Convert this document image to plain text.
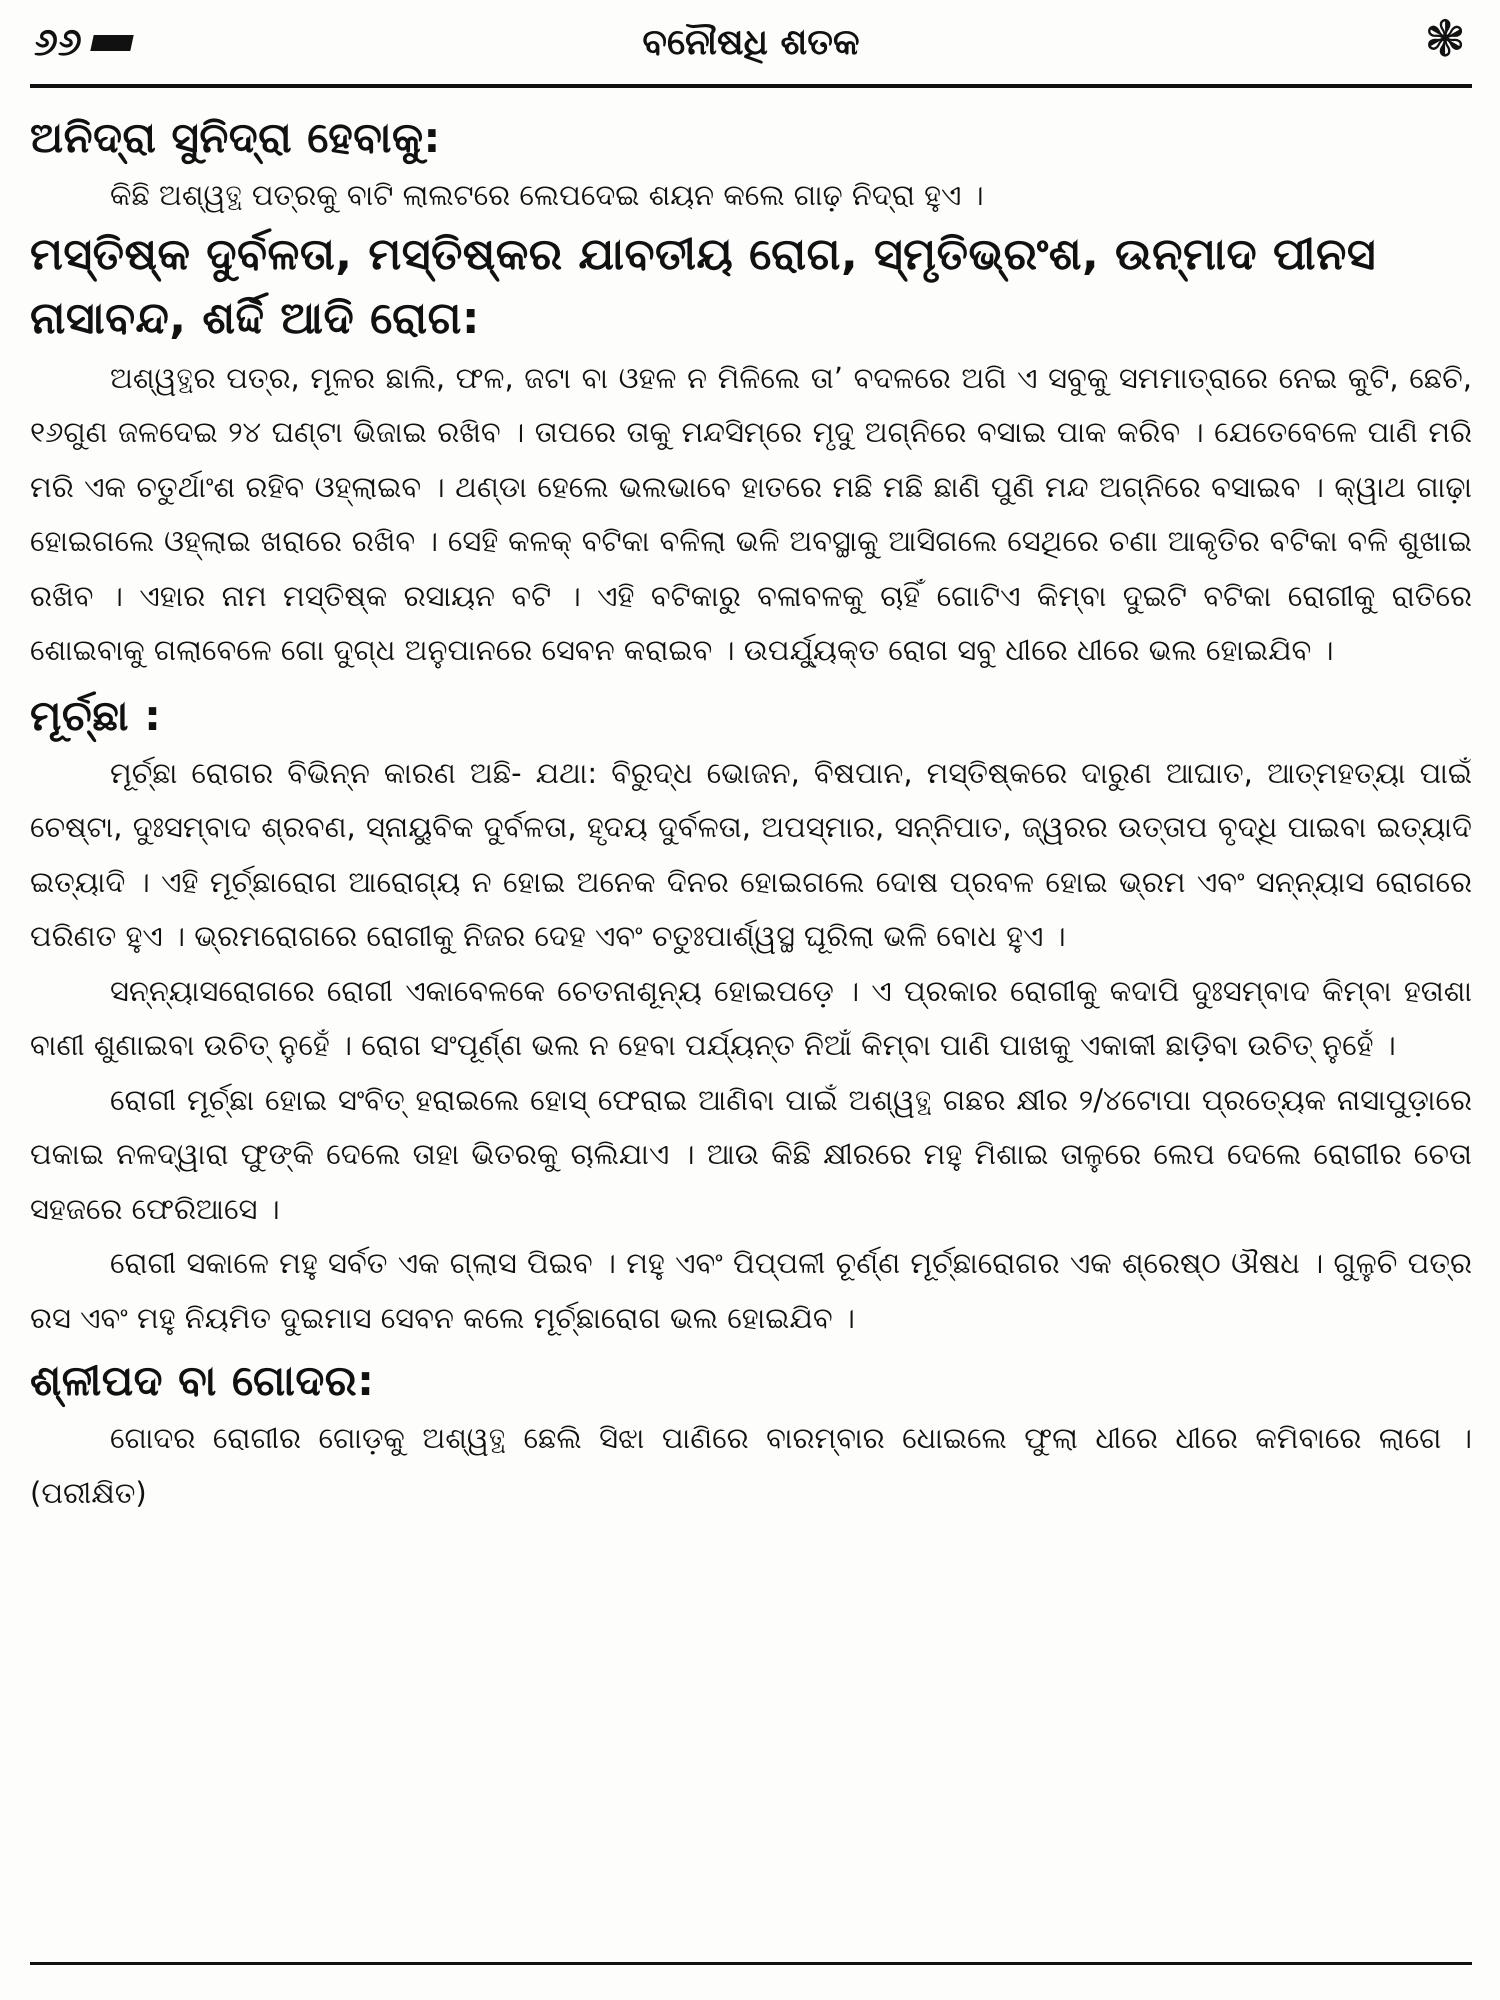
୬୬	ବନୌଷଧି ଶତକ	❃
ଅନିଦ୍ରା ସୁନିଦ୍ରା ହେବାକୁ:

କିଛି ଅଶ୍ୱତ୍ଥ ପତ୍ରକୁ ବାଟି ଲାଲଟରେ ଲେପଦେଇ ଶୟନ କଲେ ଗାଢ଼ ନିଦ୍ରା ହୁଏ ।

ମସ୍ତିଷ୍କ ଦୁର୍ବଳତା, ମସ୍ତିଷ୍କର ଯାବତୀୟ ରୋଗ, ସ୍ମୃତିଭ୍ରଂଶ, ଉନ୍ମାଦ ପୀନସ ନାସାବନ୍ଦ, ଶର୍ଦ୍ଦି ଆଦି ରୋଗ:

ଅଶ୍ୱତ୍ଥର ପତ୍ର, ମୂଳର ଛାଲି, ଫଳ, ଜଟା ବା ଓହଳ ନ ମିଳିଲେ ତା’ ବଦଳରେ ଅଗି ଏ ସବୁକୁ ସମମାତ୍ରାରେ ନେଇ କୁଟି, ଛେଚି, ୧୬ଗୁଣ ଜଳଦେଇ ୨୪ ଘଣ୍ଟା ଭିଜାଇ ରଖିବ । ତାପରେ ତାକୁ ମନ୍ଦସିମ୍‌ରେ ମୃଦୁ ଅଗ୍ନିରେ ବସାଇ ପାକ କରିବ । ଯେତେବେଳେ ପାଣି ମରି ମରି ଏକ ଚତୁର୍ଥାଂଶ ରହିବ ଓହ୍ଲାଇବ । ଥଣ୍ଡା ହେଲେ ଭଲଭାବେ ହାତରେ ମଛି ମଛି ଛାଣି ପୁଣି ମନ୍ଦ ଅଗ୍ନିରେ ବସାଇବ । କ୍ୱାଥ ଗାଢ଼ା ହୋଇଗଲେ ଓହ୍ଲାଇ ଖରାରେ ରଖିବ । ସେହି କଳକ୍ ବଟିକା ବଳିଲା ଭଳି ଅବସ୍ଥାକୁ ଆସିଗଲେ ସେଥିରେ ଚଣା ଆକୃତିର ବଟିକା ବଳି ଶୁଖାଇ ରଖିବ । ଏହାର ନାମ ମସ୍ତିଷ୍କ ରସାୟନ ବଟି । ଏହି ବଟିକାରୁ ବଳାବଳକୁ ଚାହିଁ ଗୋଟିଏ କିମ୍ବା ଦୁଇଟି ବଟିକା ରୋଗୀକୁ ରାତିରେ ଶୋଇବାକୁ ଗଲାବେଳେ ଗୋ ଦୁଗ୍ଧ ଅନୁପାନରେ ସେବନ କରାଇବ । ଉପର୍ଯ୍ୟୁକ୍ତ ରୋଗ ସବୁ ଧୀରେ ଧୀରେ ଭଲ ହୋଇଯିବ ।

ମୂର୍ଚ୍ଛା :

ମୂର୍ଚ୍ଛା ରୋଗର ବିଭିନ୍ନ କାରଣ ଅଛି- ଯଥା: ବିରୁଦ୍ଧ ଭୋଜନ, ବିଷପାନ, ମସ୍ତିଷ୍କରେ ଦାରୁଣ ଆଘାତ, ଆତ୍ମହତ୍ୟା ପାଇଁ ଚେଷ୍ଟା, ଦୁଃସମ୍ବାଦ ଶ୍ରବଣ, ସ୍ନାୟୁବିକ ଦୁର୍ବଳତା, ହୃଦୟ ଦୁର୍ବଳତା, ଅପସ୍ମାର, ସନ୍ନିପାତ, ଜ୍ୱରର ଉତ୍ତାପ ବୃଦ୍ଧି ପାଇବା ଇତ୍ୟାଦି ଇତ୍ୟାଦି । ଏହି ମୂର୍ଚ୍ଛାରୋଗ ଆରୋଗ୍ୟ ନ ହୋଇ ଅନେକ ଦିନର ହୋଇଗଲେ ଦୋଷ ପ୍ରବଳ ହୋଇ ଭ୍ରମ ଏବଂ ସନ୍ନ୍ୟାସ ରୋଗରେ ପରିଣତ ହୁଏ । ଭ୍ରମରୋଗରେ ରୋଗୀକୁ ନିଜର ଦେହ ଏବଂ ଚତୁଃପାର୍ଶ୍ୱସ୍ଥ ଘୂରିଲା ଭଳି ବୋଧ ହୁଏ ।

ସନ୍ନ୍ୟାସରୋଗରେ ରୋଗୀ ଏକାବେଳକେ ଚେତନାଶୂନ୍ୟ ହୋଇପଡ଼େ । ଏ ପ୍ରକାର ରୋଗୀକୁ କଦାପି ଦୁଃସମ୍ବାଦ କିମ୍ବା ହତାଶା ବାଣୀ ଶୁଣାଇବା ଉଚିତ୍ ନୁହେଁ । ରୋଗ ସଂପୂର୍ଣ୍ଣ ଭଲ ନ ହେବା ପର୍ଯ୍ୟନ୍ତ ନିଆଁ କିମ୍ବା ପାଣି ପାଖକୁ ଏକାକୀ ଛାଡ଼ିବା ଉଚିତ୍ ନୁହେଁ ।

ରୋଗୀ ମୂର୍ଚ୍ଛା ହୋଇ ସଂବିତ୍ ହରାଇଲେ ହୋସ୍ ଫେରାଇ ଆଣିବା ପାଇଁ ଅଶ୍ୱତ୍ଥ ଗଛର କ୍ଷୀର ୨/୪ଟୋପା ପ୍ରତ୍ୟେକ ନାସାପୁଡ଼ାରେ ପକାଇ ନଳଦ୍ୱାରା ଫୁଙ୍କି ଦେଲେ ତାହା ଭିତରକୁ ଚାଲିଯାଏ । ଆଉ କିଛି କ୍ଷୀରରେ ମହୁ ମିଶାଇ ତାଳୁରେ ଲେପ ଦେଲେ ରୋଗୀର ଚେତା ସହଜରେ ଫେରିଆସେ ।

ରୋଗୀ ସକାଳେ ମହୁ ସର୍ବତ ଏକ ଗ୍ଲାସ ପିଇବ । ମହୁ ଏବଂ ପିପ୍ପଳୀ ଚୂର୍ଣ୍ଣ ମୂର୍ଚ୍ଛାରୋଗର ଏକ ଶ୍ରେଷ୍ଠ ଔଷଧ । ଗୁଳୁଚି ପତ୍ର ରସ ଏବଂ ମହୁ ନିୟମିତ ଦୁଇମାସ ସେବନ କଲେ ମୂର୍ଚ୍ଛାରୋଗ ଭଲ ହୋଇଯିବ ।

ଶ୍ଳୀପଦ ବା ଗୋଦର:

ଗୋଦର ରୋଗୀର ଗୋଡ଼କୁ ଅଶ୍ୱତ୍ଥ ଛେଲି ସିଝା ପାଣିରେ ବାରମ୍ବାର ଧୋଇଲେ ଫୁଲା ଧୀରେ ଧୀରେ କମିବାରେ ଲାଗେ ।(ପରୀକ୍ଷିତ)
